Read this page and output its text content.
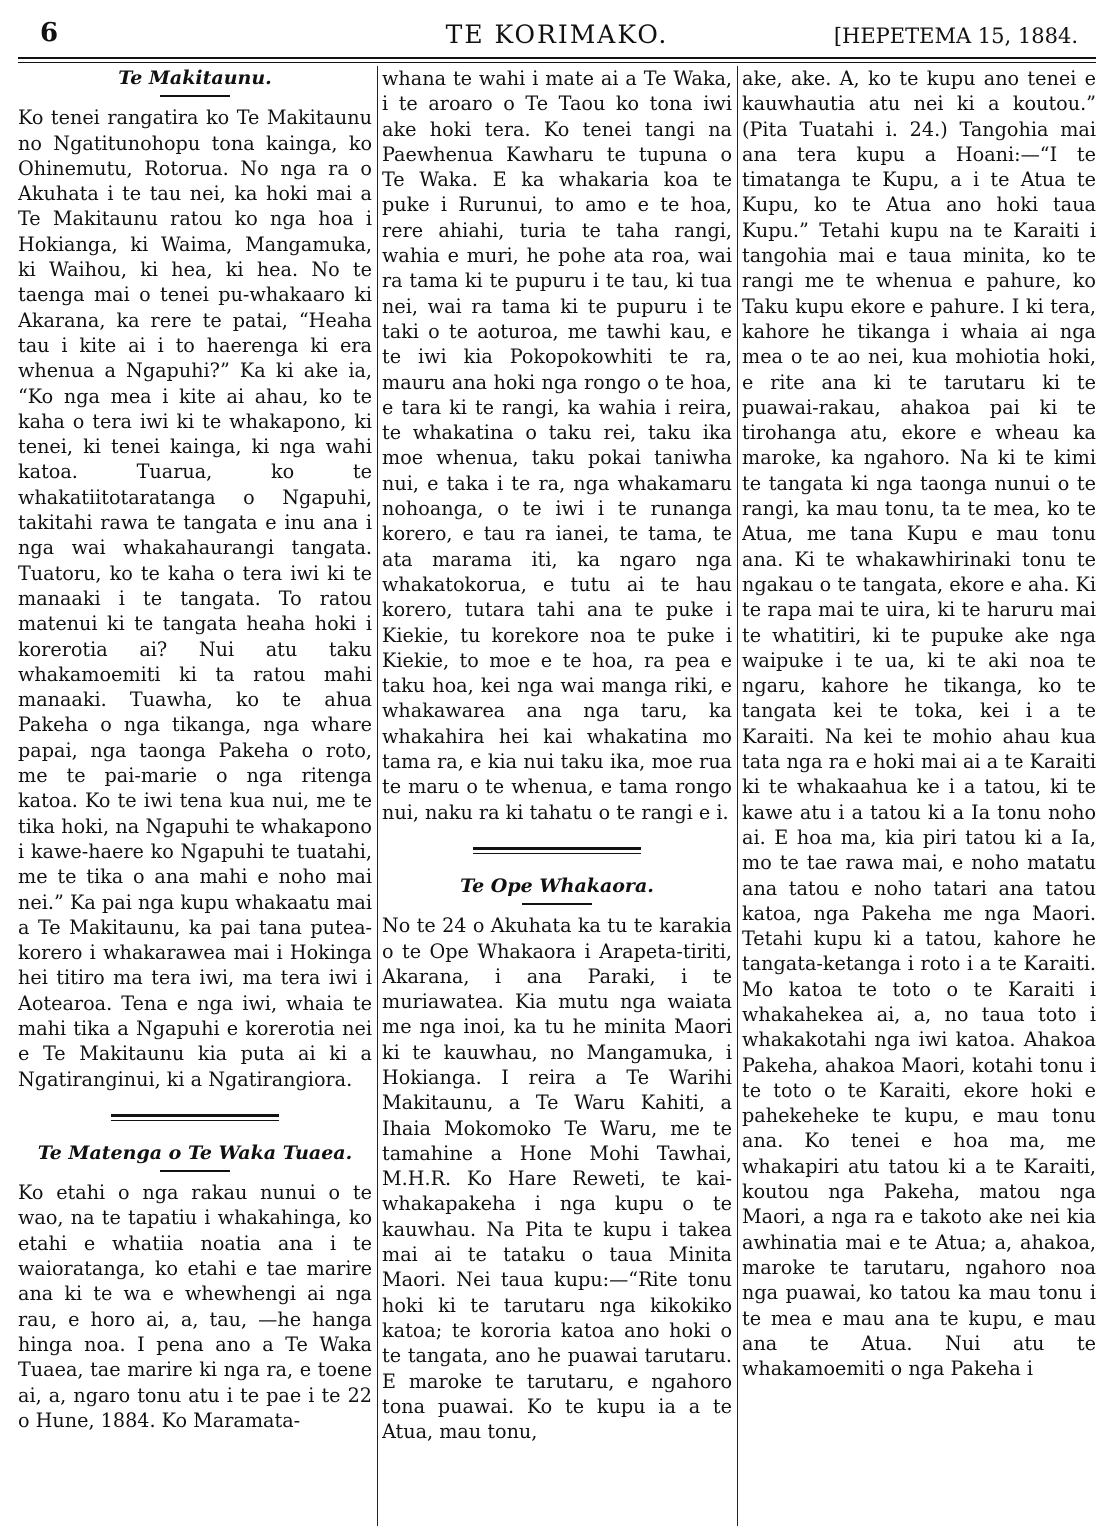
6	TE KORIMAKO.	[HEPETEMA 15, 1884.
Te Makitaunu.

Ko tenei rangatira ko Te Makitaunu no Ngatitunohopu tona kainga, ko Ohinemutu, Rotorua. No nga ra o Akuhata i te tau nei, ka hoki mai a Te Makitaunu ratou ko nga hoa i Hokianga, ki Waima, Mangamuka, ki Waihou, ki hea, ki hea. No te taenga mai o tenei pu-whakaaro ki Akarana, ka rere te patai, “Heaha tau i kite ai i to haerenga ki era whenua a Ngapuhi?” Ka ki ake ia, “Ko nga mea i kite ai ahau, ko te kaha o tera iwi ki te whakapono, ki tenei, ki tenei kainga, ki nga wahi katoa. Tuarua, ko te whakatiitotaratanga o Ngapuhi, takitahi rawa te tangata e inu ana i nga wai whakahaurangi tangata. Tuatoru, ko te kaha o tera iwi ki te manaaki i te tangata. To ratou matenui ki te tangata heaha hoki i korerotia ai? Nui atu taku whakamoemiti ki ta ratou mahi manaaki. Tuawha, ko te ahua Pakeha o nga tikanga, nga whare papai, nga taonga Pakeha o roto, me te pai-marie o nga ritenga katoa. Ko te iwi tena kua nui, me te tika hoki, na Ngapuhi te whakapono i kawe-haere ko Ngapuhi te tuatahi, me te tika o ana mahi e noho mai nei.” Ka pai nga kupu whakaatu mai a Te Makitaunu, ka pai tana putea-korero i whakarawea mai i Hokinga hei titiro ma tera iwi, ma tera iwi i Aotearoa. Tena e nga iwi, whaia te mahi tika a Ngapuhi e korerotia nei e Te Makitaunu kia puta ai ki a Ngatiranginui, ki a Ngatirangiora.

Te Matenga o Te Waka Tuaea.

Ko etahi o nga rakau nunui o te wao, na te tapatiu i whakahinga, ko etahi e whatiia noatia ana i te waioratanga, ko etahi e tae marire ana ki te wa e whewhengi ai nga rau, e horo ai, a, tau, —he hanga hinga noa. I pena ano a Te Waka Tuaea, tae marire ki nga ra, e toene ai, a, ngaro tonu atu i te pae i te 22 o Hune, 1884. Ko Maramata-

whana te wahi i mate ai a Te Waka, i te aroaro o Te Taou ko tona iwi ake hoki tera. Ko tenei tangi na Paewhenua Kawharu te tupuna o Te Waka. E ka whakaria koa te puke i Rurunui, to amo e te hoa, rere ahiahi, turia te taha rangi, wahia e muri, he pohe ata roa, wai ra tama ki te pupuru i te tau, ki tua nei, wai ra tama ki te pupuru i te taki o te aoturoa, me tawhi kau, e te iwi kia Pokopokowhiti te ra, mauru ana hoki nga rongo o te hoa, e tara ki te rangi, ka wahia i reira, te whakatina o taku rei, taku ika moe whenua, taku pokai taniwha nui, e taka i te ra, nga whakamaru nohoanga, o te iwi i te runanga korero, e tau ra ianei, te tama, te ata marama iti, ka ngaro nga whakatokorua, e tutu ai te hau korero, tutara tahi ana te puke i Kiekie, tu korekore noa te puke i Kiekie, to moe e te hoa, ra pea e taku hoa, kei nga wai manga riki, e whakawarea ana nga taru, ka whakahira hei kai whakatina mo tama ra, e kia nui taku ika, moe rua te maru o te whenua, e tama rongo nui, naku ra ki tahatu o te rangi e i.

Te Ope Whakaora.

No te 24 o Akuhata ka tu te karakia o te Ope Whakaora i Arapeta-tiriti, Akarana, i ana Paraki, i te muriawatea. Kia mutu nga waiata me nga inoi, ka tu he minita Maori ki te kauwhau, no Mangamuka, i Hokianga. I reira a Te Warihi Makitaunu, a Te Waru Kahiti, a Ihaia Mokomoko Te Waru, me te tamahine a Hone Mohi Tawhai, M.H.R. Ko Hare Reweti, te kai-whakapakeha i nga kupu o te kauwhau. Na Pita te kupu i takea mai ai te tataku o taua Minita Maori. Nei taua kupu:—“Rite tonu hoki ki te tarutaru nga kikokiko katoa; te kororia katoa ano hoki o te tangata, ano he puawai tarutaru. E maroke te tarutaru, e ngahoro tona puawai. Ko te kupu ia a te Atua, mau tonu,

ake, ake. A, ko te kupu ano tenei e kauwhautia atu nei ki a koutou.” (Pita Tuatahi i. 24.) Tangohia mai ana tera kupu a Hoani:—“I te timatanga te Kupu, a i te Atua te Kupu, ko te Atua ano hoki taua Kupu.” Tetahi kupu na te Karaiti i tangohia mai e taua minita, ko te rangi me te whenua e pahure, ko Taku kupu ekore e pahure. I ki tera, kahore he tikanga i whaia ai nga mea o te ao nei, kua mohiotia hoki, e rite ana ki te tarutaru ki te puawai-rakau, ahakoa pai ki te tirohanga atu, ekore e wheau ka maroke, ka ngahoro. Na ki te kimi te tangata ki nga taonga nunui o te rangi, ka mau tonu, ta te mea, ko te Atua, me tana Kupu e mau tonu ana. Ki te whakawhirinaki tonu te ngakau o te tangata, ekore e aha. Ki te rapa mai te uira, ki te haruru mai te whatitiri, ki te pupuke ake nga waipuke i te ua, ki te aki noa te ngaru, kahore he tikanga, ko te tangata kei te toka, kei i a te Karaiti. Na kei te mohio ahau kua tata nga ra e hoki mai ai a te Karaiti ki te whakaahua ke i a tatou, ki te kawe atu i a tatou ki a Ia tonu noho ai. E hoa ma, kia piri tatou ki a Ia, mo te tae rawa mai, e noho matatu ana tatou e noho tatari ana tatou katoa, nga Pakeha me nga Maori. Tetahi kupu ki a tatou, kahore he tangata-ketanga i roto i a te Karaiti. Mo katoa te toto o te Karaiti i whakahekea ai, a, no taua toto i whakakotahi nga iwi katoa. Ahakoa Pakeha, ahakoa Maori, kotahi tonu i te toto o te Karaiti, ekore hoki e pahekeheke te kupu, e mau tonu ana. Ko tenei e hoa ma, me whakapiri atu tatou ki a te Karaiti, koutou nga Pakeha, matou nga Maori, a nga ra e takoto ake nei kia awhinatia mai e te Atua; a, ahakoa, maroke te tarutaru, ngahoro noa nga puawai, ko tatou ka mau tonu i te mea e mau ana te kupu, e mau ana te Atua. Nui atu te whakamoemiti o nga Pakeha i
